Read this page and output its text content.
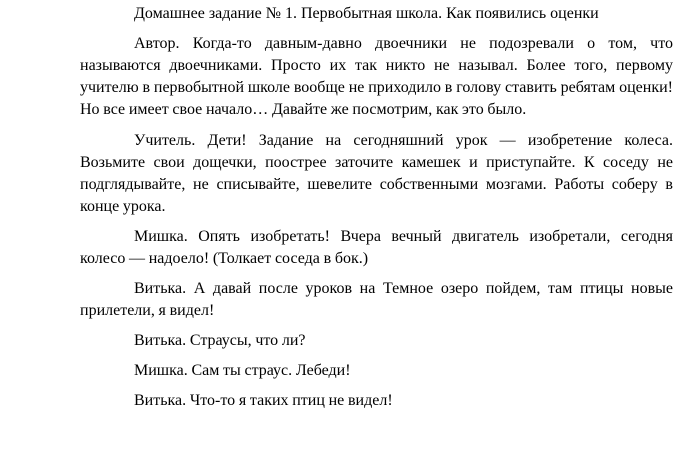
Домашнее задание № 1. Первобытная школа. Как появились оценки

Автор. Когда-то давным-давно двоечники не подозревали о том, что называются двоечниками. Просто их так никто не называл. Более того, первому учителю в первобытной школе вообще не приходило в голову ставить ребятам оценки! Но все имеет свое начало… Давайте же посмотрим, как это было.

Учитель. Дети! Задание на сегодняшний урок — изобретение колеса. Возьмите свои дощечки, поострее заточите камешек и приступайте. К соседу не подглядывайте, не списывайте, шевелите собственными мозгами. Работы соберу в конце урока.

Мишка. Опять изобретать! Вчера вечный двигатель изобретали, сегодня колесо — надоело! (Толкает соседа в бок.)

Витька. А давай после уроков на Темное озеро пойдем, там птицы новые прилетели, я видел!

Витька. Страусы, что ли?

Мишка. Сам ты страус. Лебеди!

Витька. Что-то я таких птиц не видел!
